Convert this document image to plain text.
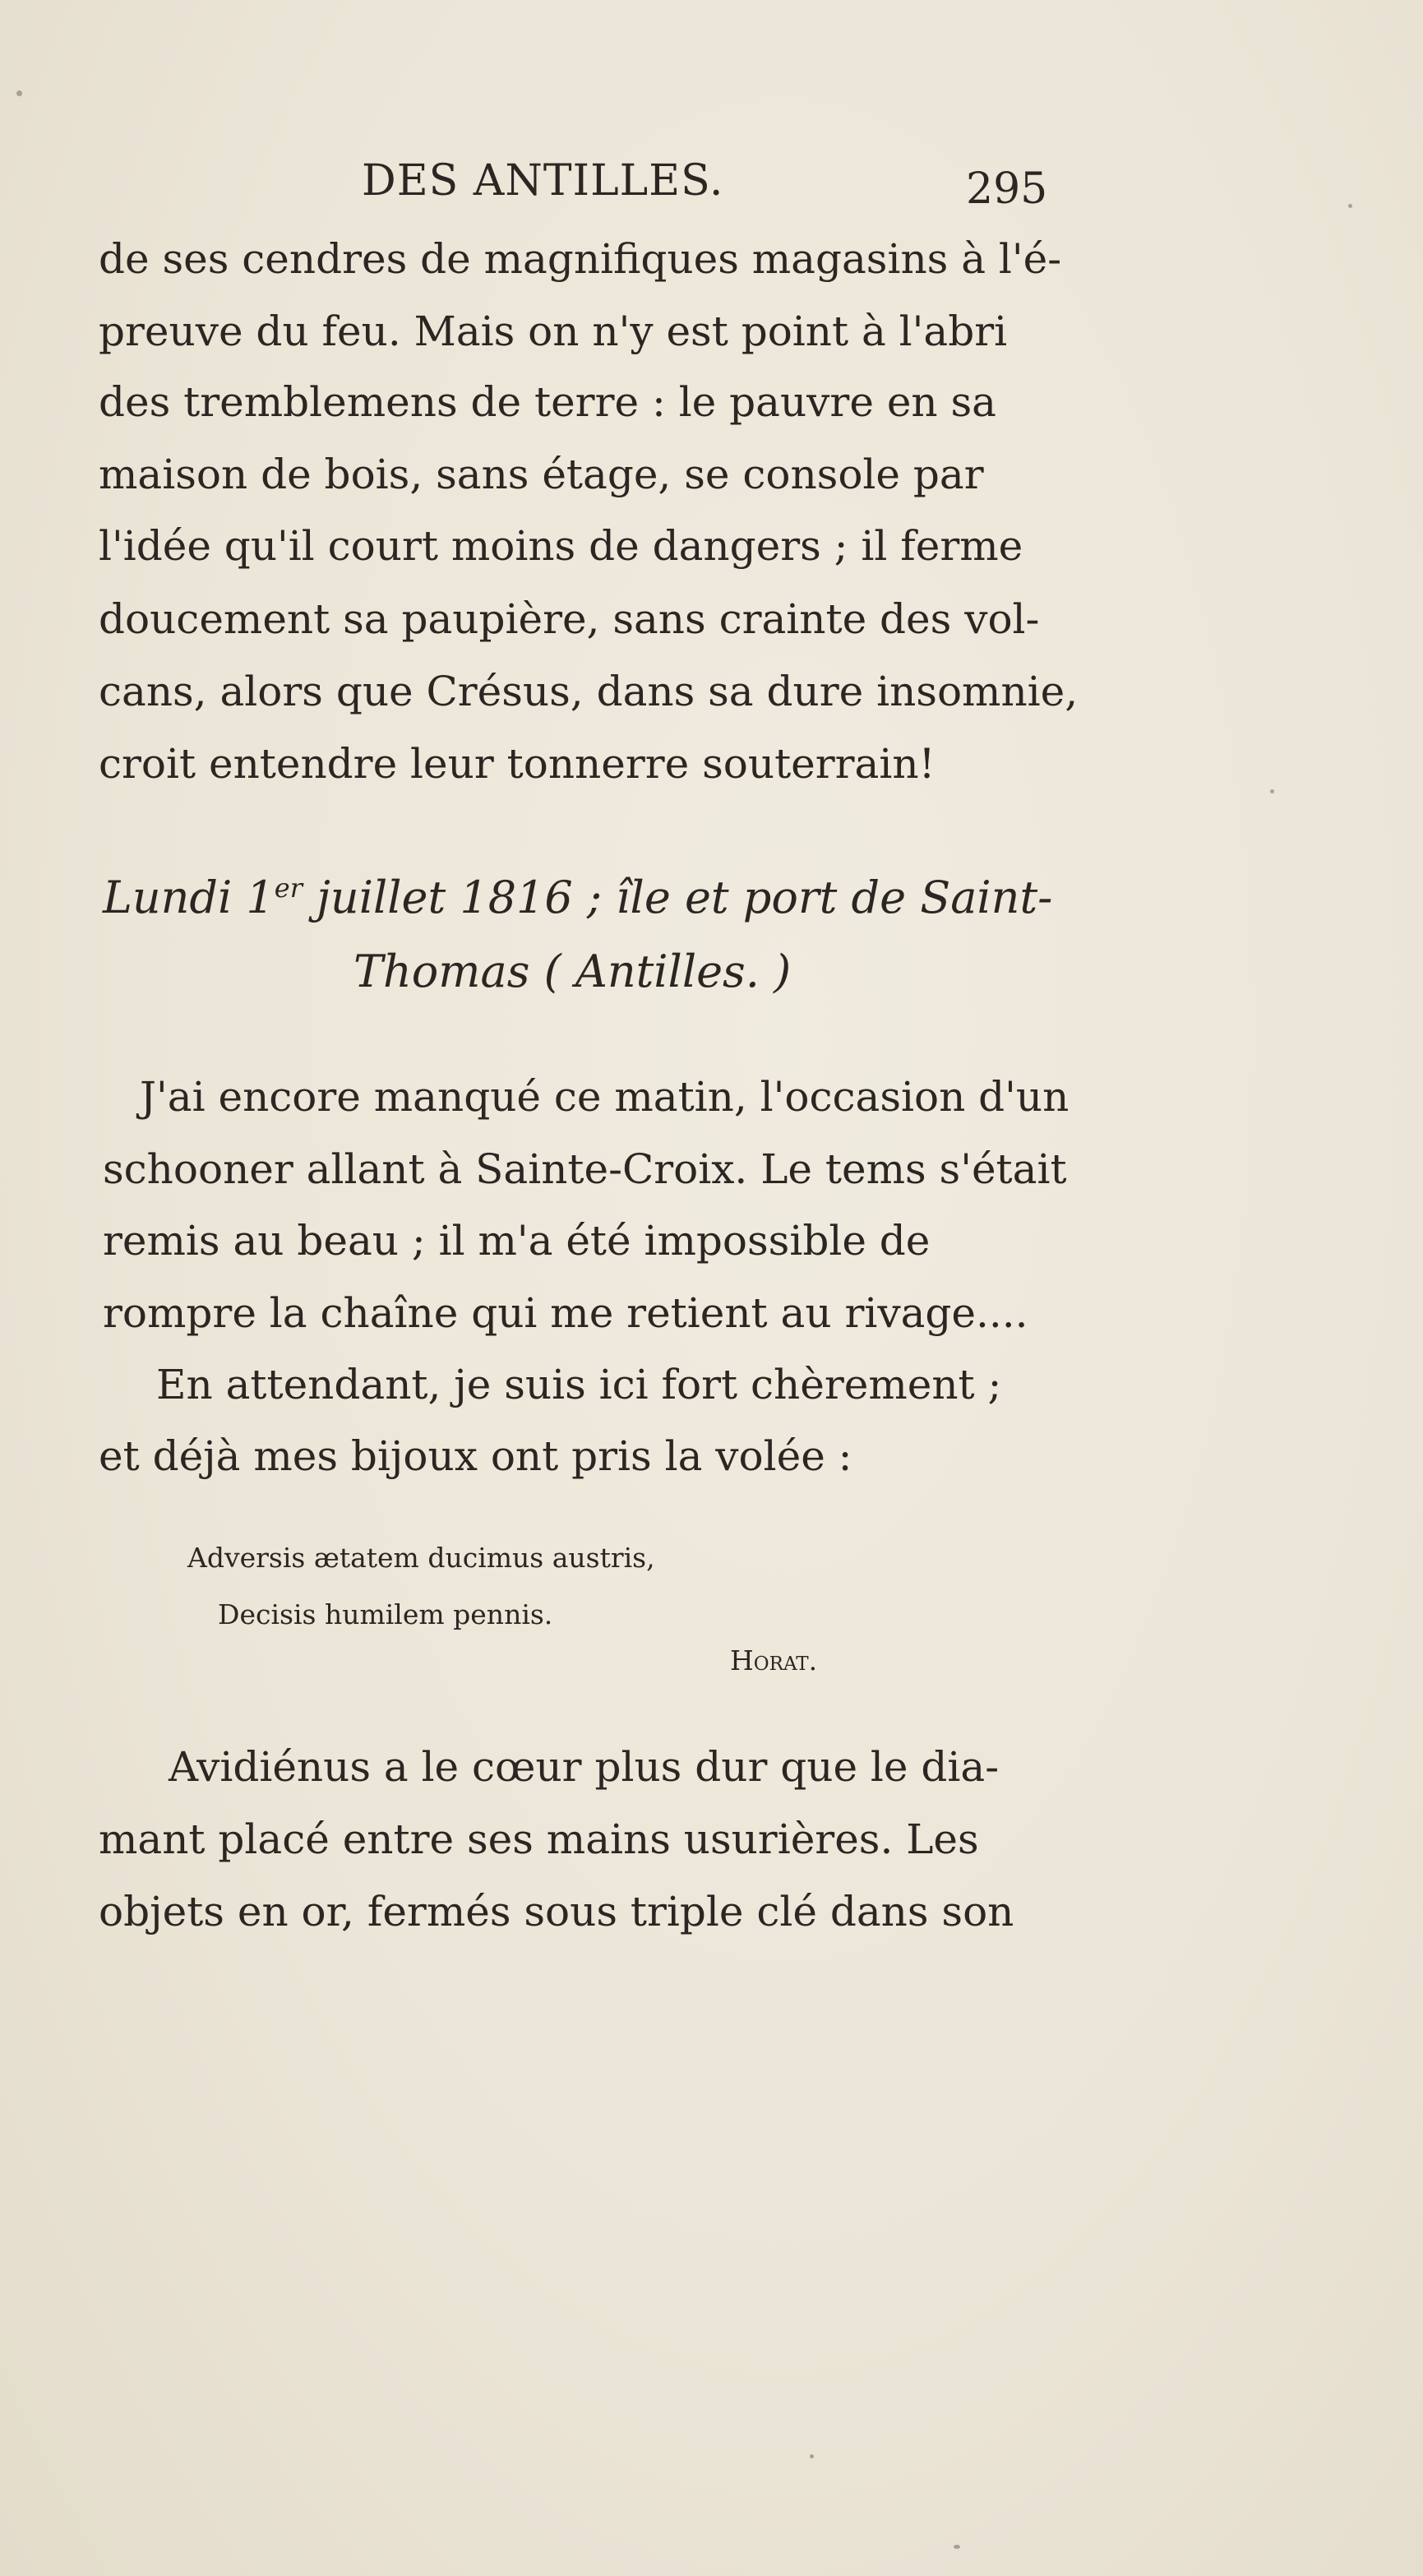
DES ANTILLES.	295
de ses cendres de magnifiques magasins à l'é-
preuve du feu. Mais on n'y est point à l'abri
des tremblemens de terre : le pauvre en sa
maison de bois, sans étage, se console par
l'idée qu'il court moins de dangers ; il ferme
doucement sa paupière, sans crainte des vol-
cans, alors que Crésus, dans sa dure insomnie,
croit entendre leur tonnerre souterrain!
Lundi 1er juillet 1816 ; île et port de Saint-
Thomas ( Antilles. )
J'ai encore manqué ce matin, l'occasion d'un
schooner allant à Sainte-Croix. Le tems s'était
remis au beau ; il m'a été impossible de
rompre la chaîne qui me retient au rivage....
En attendant, je suis ici fort chèrement ;
et déjà mes bijoux ont pris la volée :
Adversis ætatem ducimus austris,
Decisis humilem pennis.
Horat.
Avidiénus a le cœur plus dur que le dia-
mant placé entre ses mains usurières. Les
objets en or, fermés sous triple clé dans son
